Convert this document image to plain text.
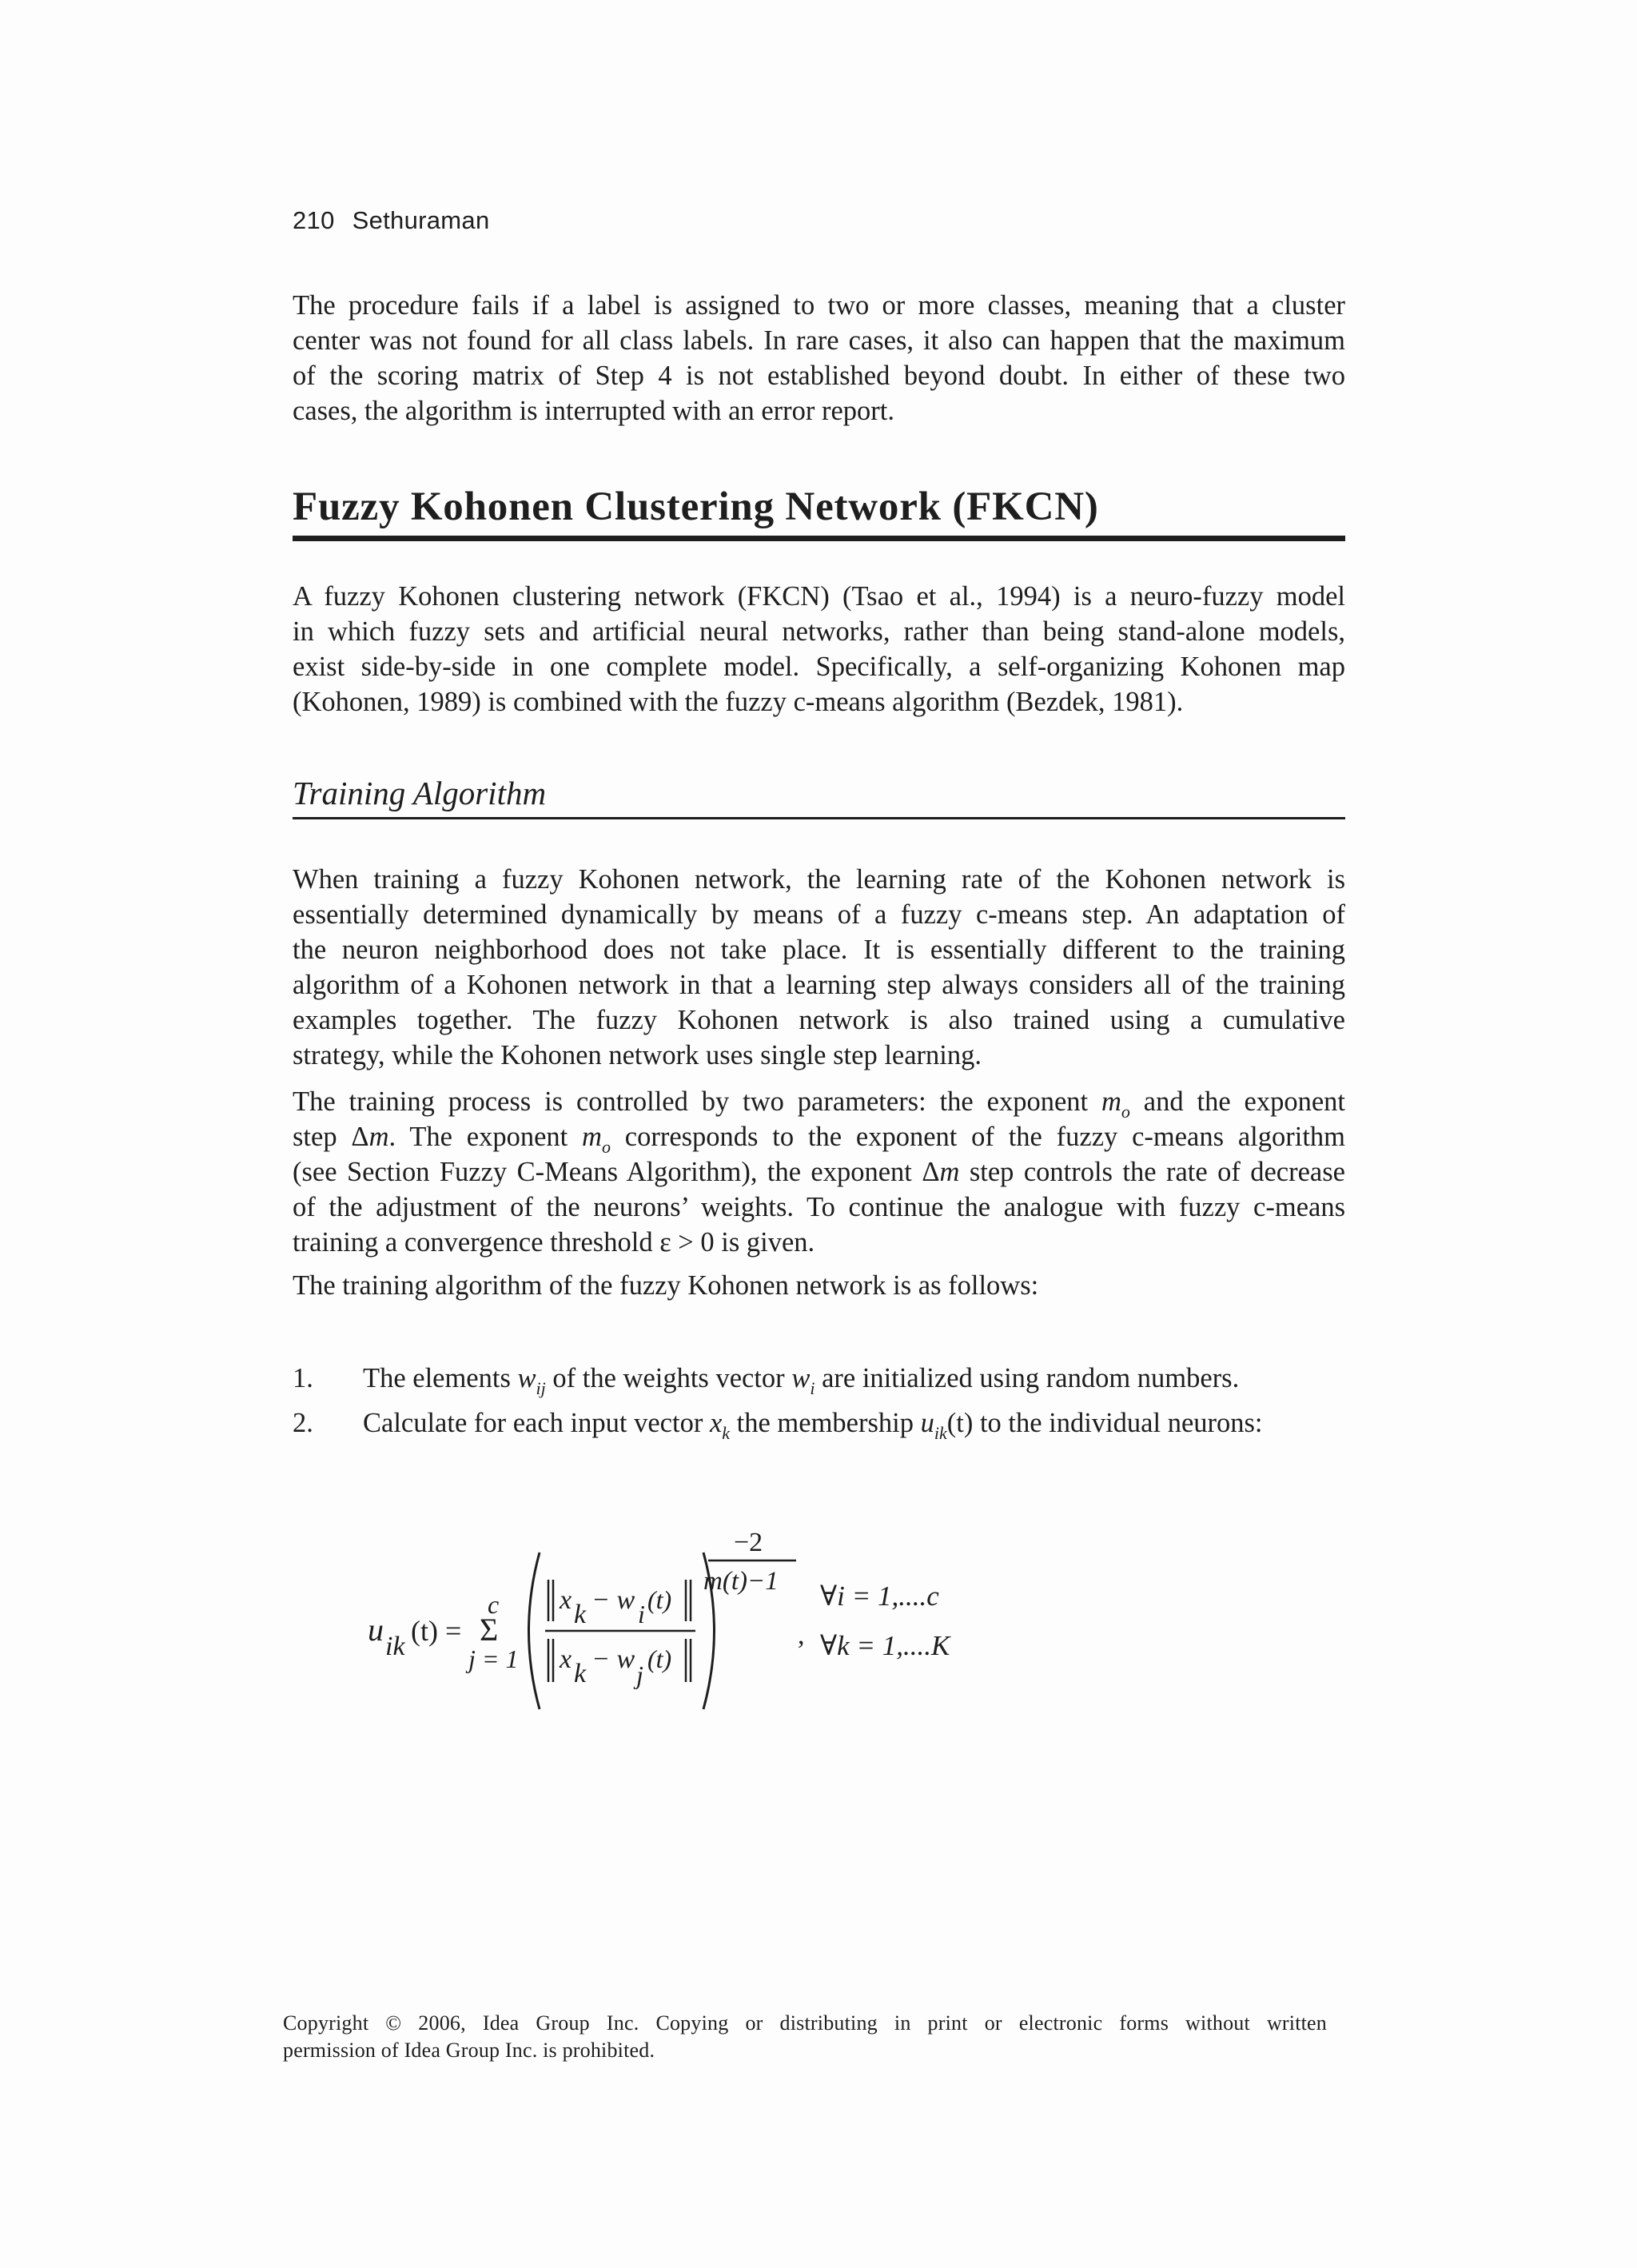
210 Sethuraman

The procedure fails if a label is assigned to two or more classes, meaning that a cluster
center was not found for all class labels. In rare cases, it also can happen that the maximum
of the scoring matrix of Step 4 is not established beyond doubt. In either of these two
cases, the algorithm is interrupted with an error report.

Fuzzy Kohonen Clustering Network (FKCN)

A fuzzy Kohonen clustering network (FKCN) (Tsao et al., 1994) is a neuro-fuzzy model
in which fuzzy sets and artificial neural networks, rather than being stand-alone models,
exist side-by-side in one complete model. Specifically, a self-organizing Kohonen map
(Kohonen, 1989) is combined with the fuzzy c-means algorithm (Bezdek, 1981).

Training Algorithm

When training a fuzzy Kohonen network, the learning rate of the Kohonen network is
essentially determined dynamically by means of a fuzzy c-means step. An adaptation of
the neuron neighborhood does not take place. It is essentially different to the training
algorithm of a Kohonen network in that a learning step always considers all of the training
examples together. The fuzzy Kohonen network is also trained using a cumulative
strategy, while the Kohonen network uses single step learning.

The training process is controlled by two parameters: the exponent $m_o$ and the exponent
step Δm. The exponent $m_o$ corresponds to the exponent of the fuzzy c-means algorithm
(see Section Fuzzy C-Means Algorithm), the exponent Δm step controls the rate of decrease
of the adjustment of the neurons’ weights. To continue the analogue with fuzzy c-means
training a convergence threshold ε > 0 is given.

The training algorithm of the fuzzy Kohonen network is as follows:

1. The elements $w_{ij}$ of the weights vector $w_i$ are initialized using random numbers.
2. Calculate for each input vector $x_k$ the membership $u_{ik}(t)$ to the individual neurons:
u ik (t) =
c
Σ
j = 1
x k − w i (t)
x k − w
j
(t)
−2
m(t)−1
,
∀i = 1,....c
∀k = 1,....K

Copyright © 2006, Idea Group Inc. Copying or distributing in print or electronic forms without written
permission of Idea Group Inc. is prohibited.
